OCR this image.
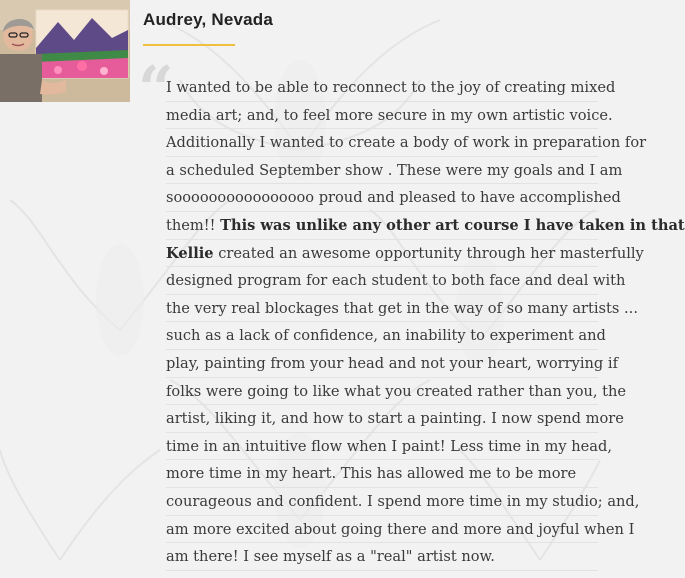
Audrey, Nevada
“
I wanted to be able to reconnect to the joy of creating mixed
media art; and, to feel more secure in my own artistic voice.
Additionally I wanted to create a body of work in preparation for
a scheduled September show . These were my goals and I am
soooooooooooooooo proud and pleased to have accomplished
them!! This was unlike any other art course I have taken in that
Kellie created an awesome opportunity through her masterfully
designed program for each student to both face and deal with
the very real blockages that get in the way of so many artists ...
such as a lack of confidence, an inability to experiment and
play, painting from your head and not your heart, worrying if
folks were going to like what you created rather than you, the
artist, liking it, and how to start a painting. I now spend more
time in an intuitive flow when I paint! Less time in my head,
more time in my heart. This has allowed me to be more
courageous and confident. I spend more time in my studio; and,
am more excited about going there and more and joyful when I
am there! I see myself as a "real" artist now.
